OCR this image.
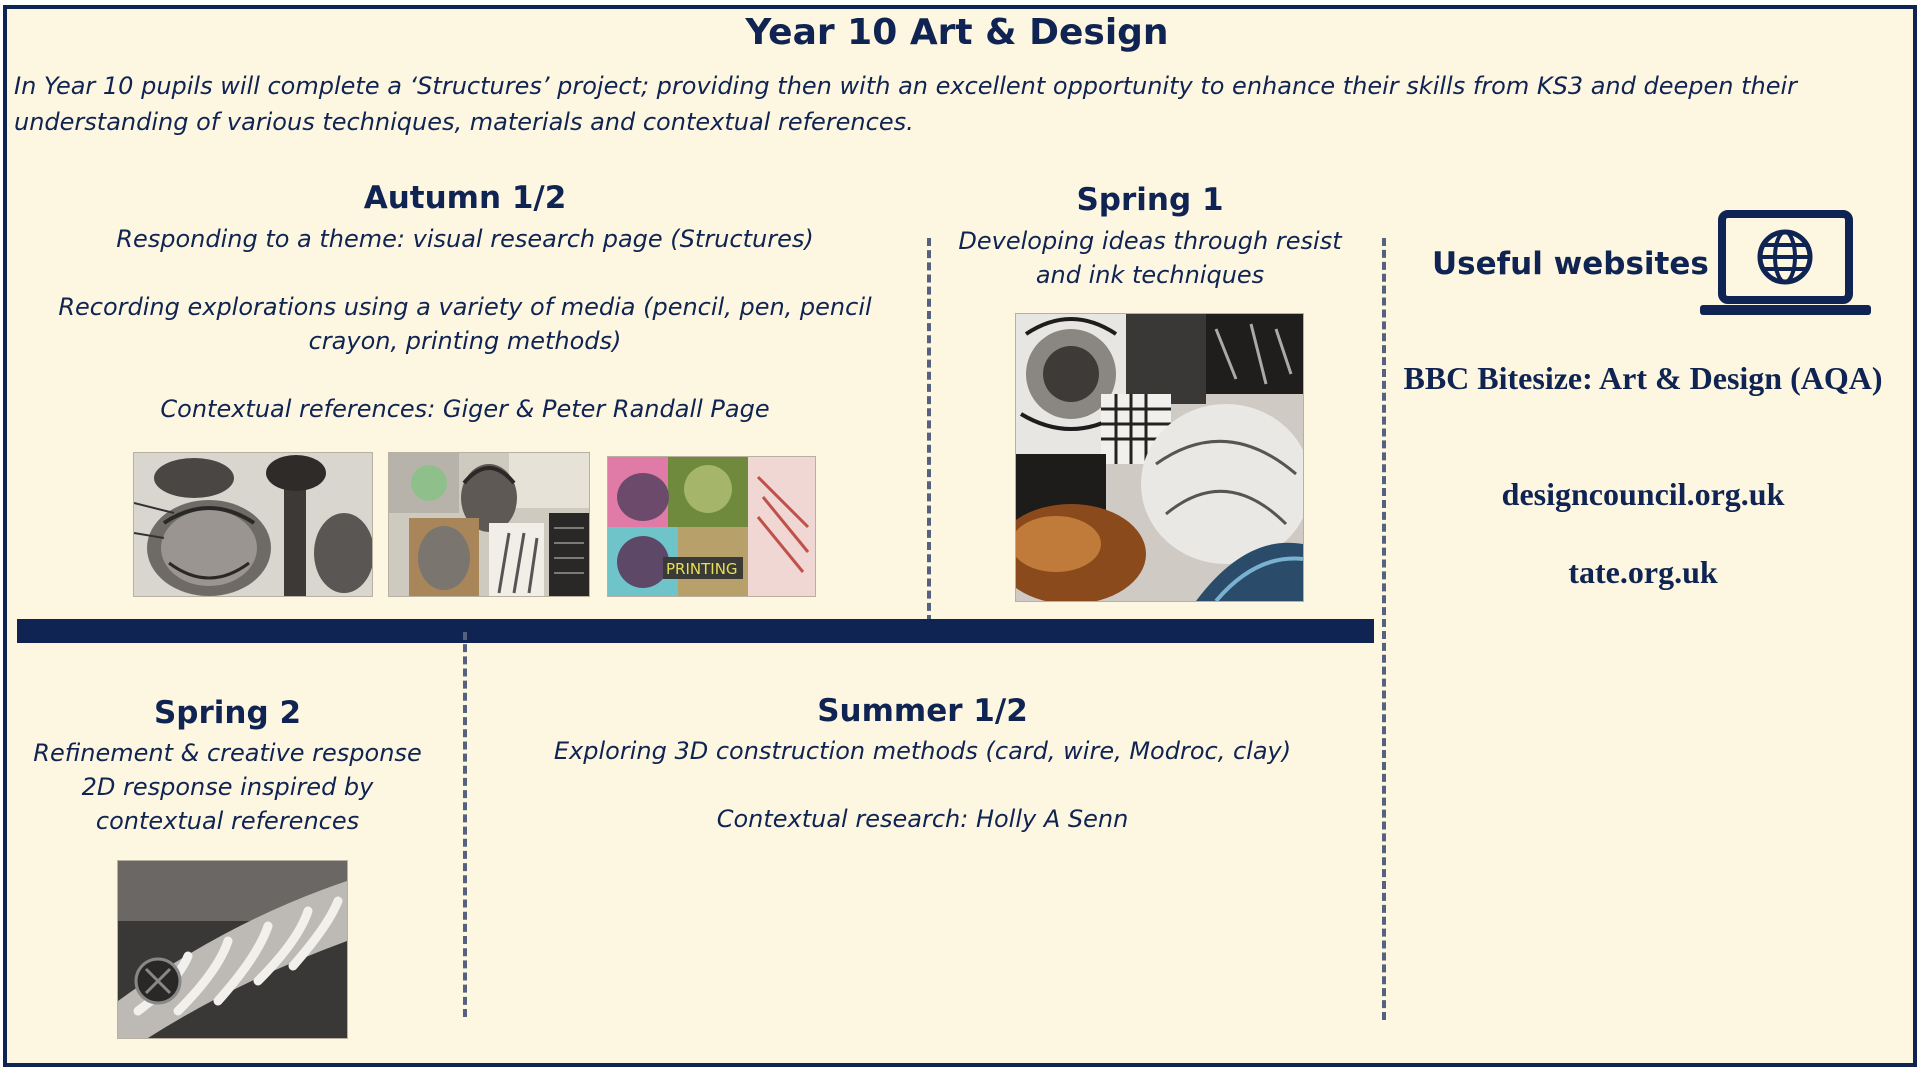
Year 10 Art & Design
In Year 10 pupils will complete a ‘Structures’ project; providing then with an excellent opportunity to enhance their skills from KS3 and deepen their understanding of various techniques, materials and contextual references.
Autumn 1/2
Responding to a theme: visual research page (Structures)
Recording explorations using a variety of media (pencil, pen, pencil crayon, printing methods)
Contextual references: Giger & Peter Randall Page
PRINTING
Spring 1
Developing ideas through resist and ink techniques
Spring 2
Refinement & creative response
2D response inspired by contextual references
Summer 1/2
Exploring 3D construction methods (card, wire, Modroc, clay)
Contextual research: Holly A Senn
Useful websites
BBC Bitesize: Art & Design (AQA)
designcouncil.org.uk
tate.org.uk
